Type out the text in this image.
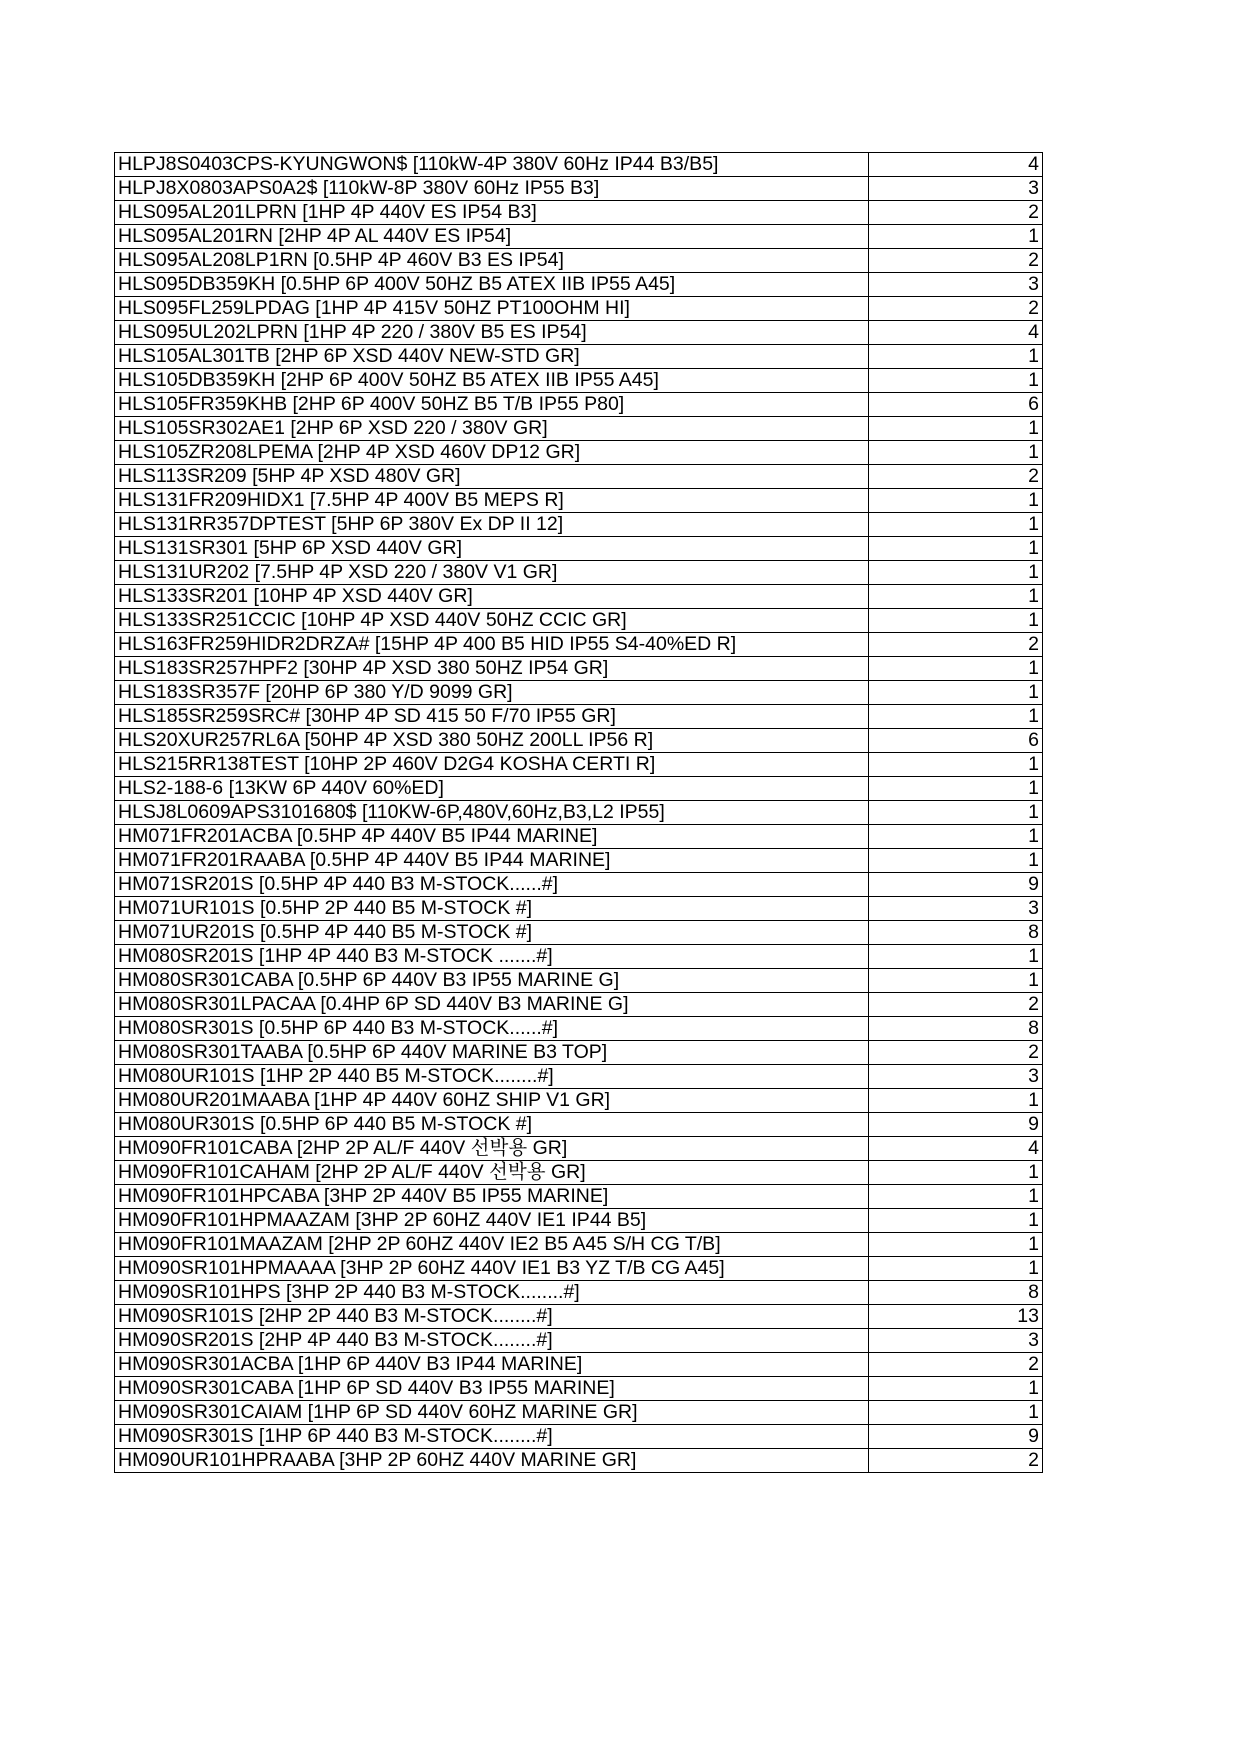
HLPJ8S0403CPS-KYUNGWON$ [110kW-4P 380V 60Hz IP44 B3/B5]	4
HLPJ8X0803APS0A2$ [110kW-8P 380V 60Hz IP55 B3]	3
HLS095AL201LPRN [1HP 4P 440V ES IP54 B3]	2
HLS095AL201RN [2HP 4P AL 440V ES IP54]	1
HLS095AL208LP1RN [0.5HP 4P 460V B3 ES IP54]	2
HLS095DB359KH [0.5HP 6P 400V 50HZ B5 ATEX IIB IP55 A45]	3
HLS095FL259LPDAG [1HP 4P 415V 50HZ PT100OHM HI]	2
HLS095UL202LPRN [1HP 4P 220 / 380V B5 ES IP54]	4
HLS105AL301TB [2HP 6P XSD 440V NEW-STD GR]	1
HLS105DB359KH [2HP 6P 400V 50HZ B5 ATEX IIB IP55 A45]	1
HLS105FR359KHB [2HP 6P 400V 50HZ B5 T/B IP55 P80]	6
HLS105SR302AE1 [2HP 6P XSD 220 / 380V GR]	1
HLS105ZR208LPEMA [2HP 4P XSD 460V DP12 GR]	1
HLS113SR209 [5HP 4P XSD 480V GR]	2
HLS131FR209HIDX1 [7.5HP 4P 400V B5 MEPS R]	1
HLS131RR357DPTEST [5HP 6P 380V Ex DP II 12]	1
HLS131SR301 [5HP 6P XSD 440V GR]	1
HLS131UR202 [7.5HP 4P XSD 220 / 380V V1 GR]	1
HLS133SR201 [10HP 4P XSD 440V GR]	1
HLS133SR251CCIC [10HP 4P XSD 440V 50HZ CCIC GR]	1
HLS163FR259HIDR2DRZA# [15HP 4P 400 B5 HID IP55 S4-40%ED R]	2
HLS183SR257HPF2 [30HP 4P XSD 380 50HZ IP54 GR]	1
HLS183SR357F [20HP 6P 380 Y/D 9099 GR]	1
HLS185SR259SRC# [30HP 4P SD 415 50 F/70 IP55 GR]	1
HLS20XUR257RL6A [50HP 4P XSD 380 50HZ 200LL IP56 R]	6
HLS215RR138TEST [10HP 2P 460V D2G4 KOSHA CERTI R]	1
HLS2-188-6 [13KW 6P 440V 60%ED]	1
HLSJ8L0609APS3101680$ [110KW-6P,480V,60Hz,B3,L2 IP55]	1
HM071FR201ACBA [0.5HP 4P 440V B5 IP44 MARINE]	1
HM071FR201RAABA [0.5HP 4P 440V B5 IP44 MARINE]	1
HM071SR201S [0.5HP 4P 440 B3 M-STOCK......#]	9
HM071UR101S [0.5HP 2P 440 B5 M-STOCK #]	3
HM071UR201S [0.5HP 4P 440 B5 M-STOCK #]	8
HM080SR201S [1HP 4P 440 B3 M-STOCK .......#]	1
HM080SR301CABA [0.5HP 6P 440V B3 IP55 MARINE G]	1
HM080SR301LPACAA [0.4HP 6P SD 440V B3 MARINE G]	2
HM080SR301S [0.5HP 6P 440 B3 M-STOCK......#]	8
HM080SR301TAABA [0.5HP 6P 440V MARINE B3 TOP]	2
HM080UR101S [1HP 2P 440 B5 M-STOCK........#]	3
HM080UR201MAABA [1HP 4P 440V 60HZ SHIP V1 GR]	1
HM080UR301S [0.5HP 6P 440 B5 M-STOCK #]	9
HM090FR101CABA [2HP 2P AL/F 440V 선박용 GR]	4
HM090FR101CAHAM [2HP 2P AL/F 440V 선박용 GR]	1
HM090FR101HPCABA [3HP 2P 440V B5 IP55 MARINE]	1
HM090FR101HPMAAZAM [3HP 2P 60HZ 440V IE1 IP44 B5]	1
HM090FR101MAAZAM [2HP 2P 60HZ 440V IE2 B5 A45 S/H CG T/B]	1
HM090SR101HPMAAAA [3HP 2P 60HZ 440V IE1 B3 YZ T/B CG A45]	1
HM090SR101HPS [3HP 2P 440 B3 M-STOCK........#]	8
HM090SR101S [2HP 2P 440 B3 M-STOCK........#]	13
HM090SR201S [2HP 4P 440 B3 M-STOCK........#]	3
HM090SR301ACBA [1HP 6P 440V B3 IP44 MARINE]	2
HM090SR301CABA [1HP 6P SD 440V B3 IP55 MARINE]	1
HM090SR301CAIAM [1HP 6P SD 440V 60HZ MARINE GR]	1
HM090SR301S [1HP 6P 440 B3 M-STOCK........#]	9
HM090UR101HPRAABA [3HP 2P 60HZ 440V MARINE GR]	2
